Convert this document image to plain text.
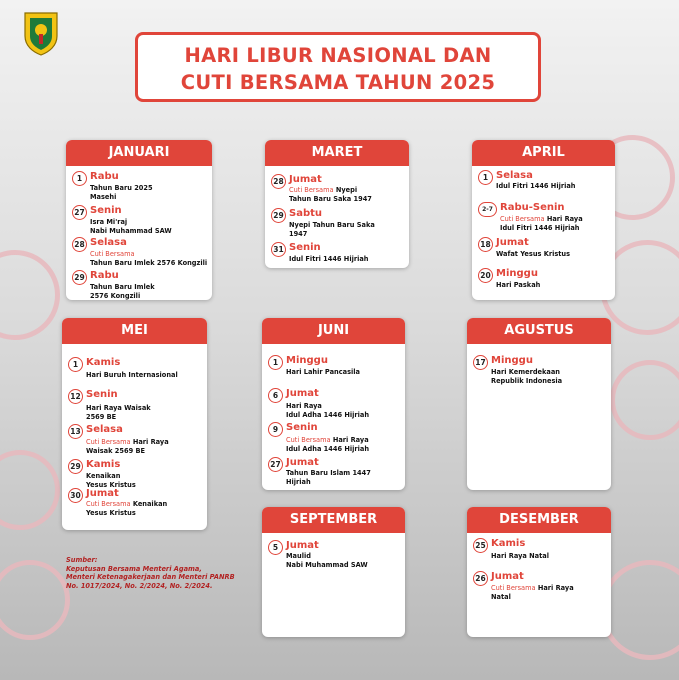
HARI LIBUR NASIONAL DAN
CUTI BERSAMA TAHUN 2025
JANUARI
1 Rabu
Tahun Baru 2025
Masehi
27 Senin
Isra Mi'raj
Nabi Muhammad SAW
28 Selasa
Cuti Bersama
Tahun Baru Imlek 2576 Kongzili
29 Rabu
Tahun Baru Imlek
2576 Kongzili
MARET
28 Jumat
Cuti Bersama Nyepi
Tahun Baru Saka 1947
29 Sabtu
Nyepi Tahun Baru Saka
1947
31 Senin
Idul Fitri 1446 Hijriah
APRIL
1 Selasa
Idul Fitri 1446 Hijriah
2-7 Rabu-Senin
Cuti Bersama Hari Raya
Idul Fitri 1446 Hijriah
18 Jumat
Wafat Yesus Kristus
20 Minggu
Hari Paskah
MEI
1 Kamis
Hari Buruh Internasional
12 Senin
Hari Raya Waisak
2569 BE
13 Selasa
Cuti Bersama Hari Raya
Waisak 2569 BE
29 Kamis
Kenaikan
Yesus Kristus
30 Jumat
Cuti Bersama Kenaikan
Yesus Kristus
JUNI
1 Minggu
Hari Lahir Pancasila
6 Jumat
Hari Raya
Idul Adha 1446 Hijriah
9 Senin
Cuti Bersama Hari Raya
Idul Adha 1446 Hijriah
27 Jumat
Tahun Baru Islam 1447
Hijriah
AGUSTUS
17 Minggu
Hari Kemerdekaan
Republik Indonesia
SEPTEMBER
5 Jumat
Maulid
Nabi Muhammad SAW
DESEMBER
25 Kamis
Hari Raya Natal
26 Jumat
Cuti Bersama Hari Raya
Natal
Sumber:
Keputusan Bersama Menteri Agama,
Menteri Ketenagakerjaan dan Menteri PANRB
No. 1017/2024, No. 2/2024, No. 2/2024.
